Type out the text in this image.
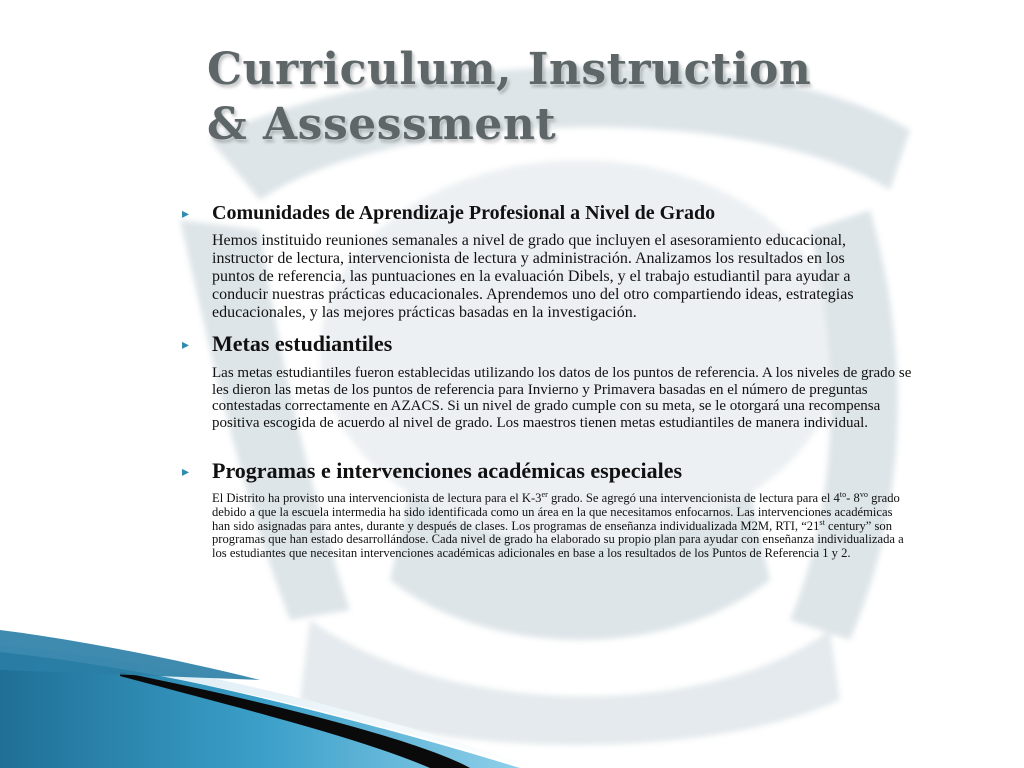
Curriculum, Instruction
& Assessment
▸ Comunidades de Aprendizaje Profesional a Nivel de Grado

Hemos instituido reuniones semanales a nivel de grado que incluyen el asesoramiento educacional, instructor de lectura, intervencionista de lectura y administración. Analizamos los resultados en los puntos de referencia, las puntuaciones en la evaluación Dibels, y el trabajo estudiantil para ayudar a conducir nuestras prácticas educacionales. Aprendemos uno del otro compartiendo ideas, estrategias educacionales, y las mejores prácticas basadas en la investigación.

▸ Metas estudiantiles

Las metas estudiantiles fueron establecidas utilizando los datos de los puntos de referencia. A los niveles de grado se les dieron las metas de los puntos de referencia para Invierno y Primavera basadas en el número de preguntas contestadas correctamente en AZACS. Si un nivel de grado cumple con su meta, se le otorgará una recompensa positiva escogida de acuerdo al nivel de grado. Los maestros tienen metas estudiantiles de manera individual.

▸ Programas e intervenciones académicas especiales

El Distrito ha provisto una intervencionista de lectura para el K-3er grado. Se agregó una intervencionista de lectura para el $4^{to}-$ $8^{vo}$ grado debido a que la escuela intermedia ha sido identificada como un área en la que necesitamos enfocarnos. Las intervenciones académicas han sido asignadas para antes, durante y después de clases. Los programas de enseñanza individualizada M2M, RTI, “21st century” son programas que han estado desarrollándose. Cada nivel de grado ha elaborado su propio plan para ayudar con enseñanza individualizada a los estudiantes que necesitan intervenciones académicas adicionales en base a los resultados de los Puntos de Referencia 1 y 2.
